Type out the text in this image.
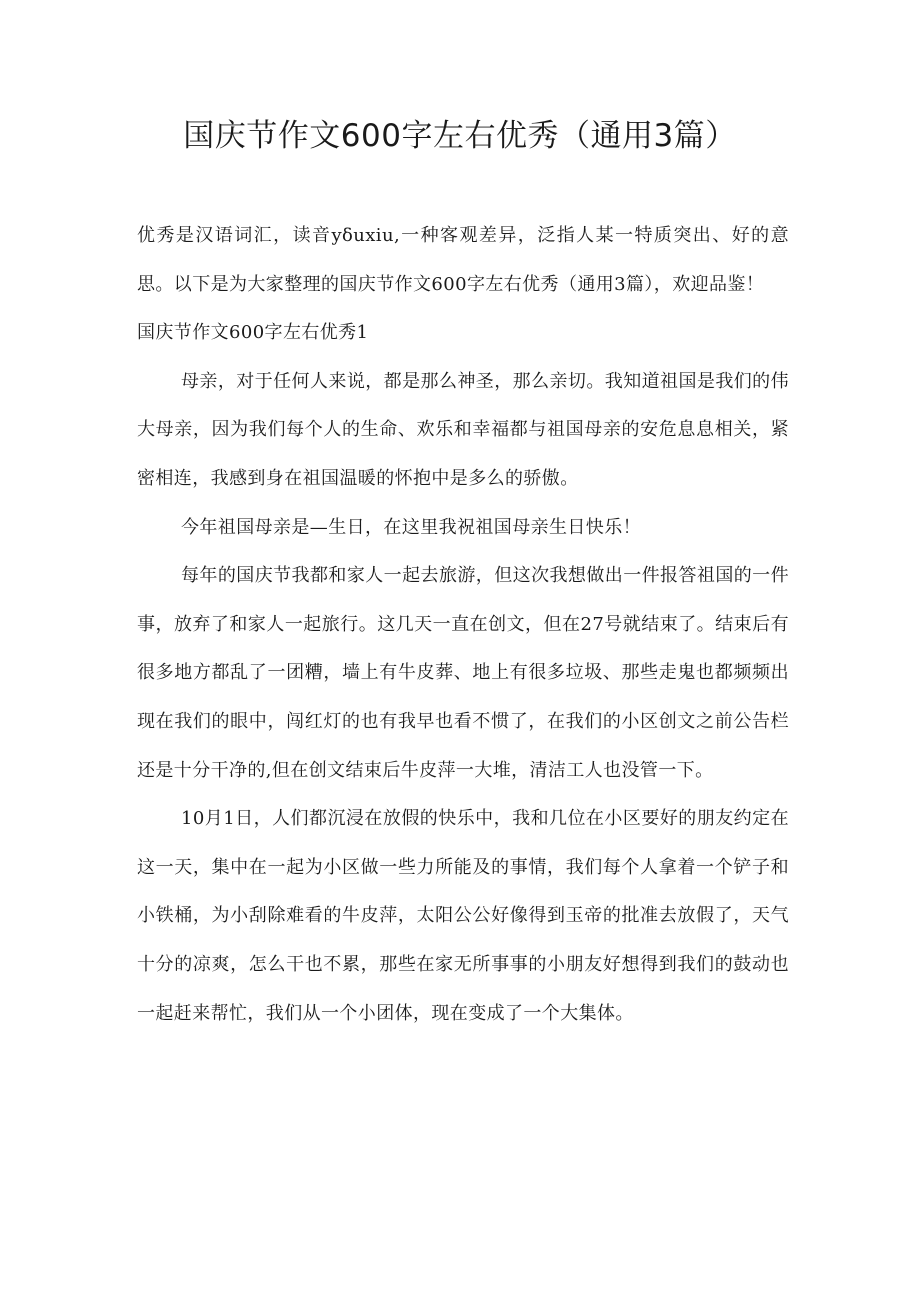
国庆节作文600字左右优秀（通用3篇）

优秀是汉语词汇，读音yδuxiu,一种客观差异，泛指人某一特质突出、好的意思。以下是为大家整理的国庆节作文600字左右优秀（通用3篇），欢迎品鉴！

国庆节作文600字左右优秀1

母亲，对于任何人来说，都是那么神圣，那么亲切。我知道祖国是我们的伟大母亲，因为我们每个人的生命、欢乐和幸福都与祖国母亲的安危息息相关，紧密相连，我感到身在祖国温暖的怀抱中是多么的骄傲。

今年祖国母亲是—生日，在这里我祝祖国母亲生日快乐！

每年的国庆节我都和家人一起去旅游，但这次我想做出一件报答祖国的一件事，放弃了和家人一起旅行。这几天一直在创文，但在27号就结束了。结束后有很多地方都乱了一团糟，墙上有牛皮葬、地上有很多垃圾、那些走鬼也都频频出现在我们的眼中，闯红灯的也有我早也看不惯了，在我们的小区创文之前公告栏还是十分干净的,但在创文结束后牛皮萍一大堆，清洁工人也没管一下。

10月1日，人们都沉浸在放假的快乐中，我和几位在小区要好的朋友约定在这一天，集中在一起为小区做一些力所能及的事情，我们每个人拿着一个铲子和小铁桶，为小刮除难看的牛皮萍，太阳公公好像得到玉帝的批准去放假了，天气十分的凉爽，怎么干也不累，那些在家无所事事的小朋友好想得到我们的鼓动也一起赶来帮忙，我们从一个小团体，现在变成了一个大集体。
